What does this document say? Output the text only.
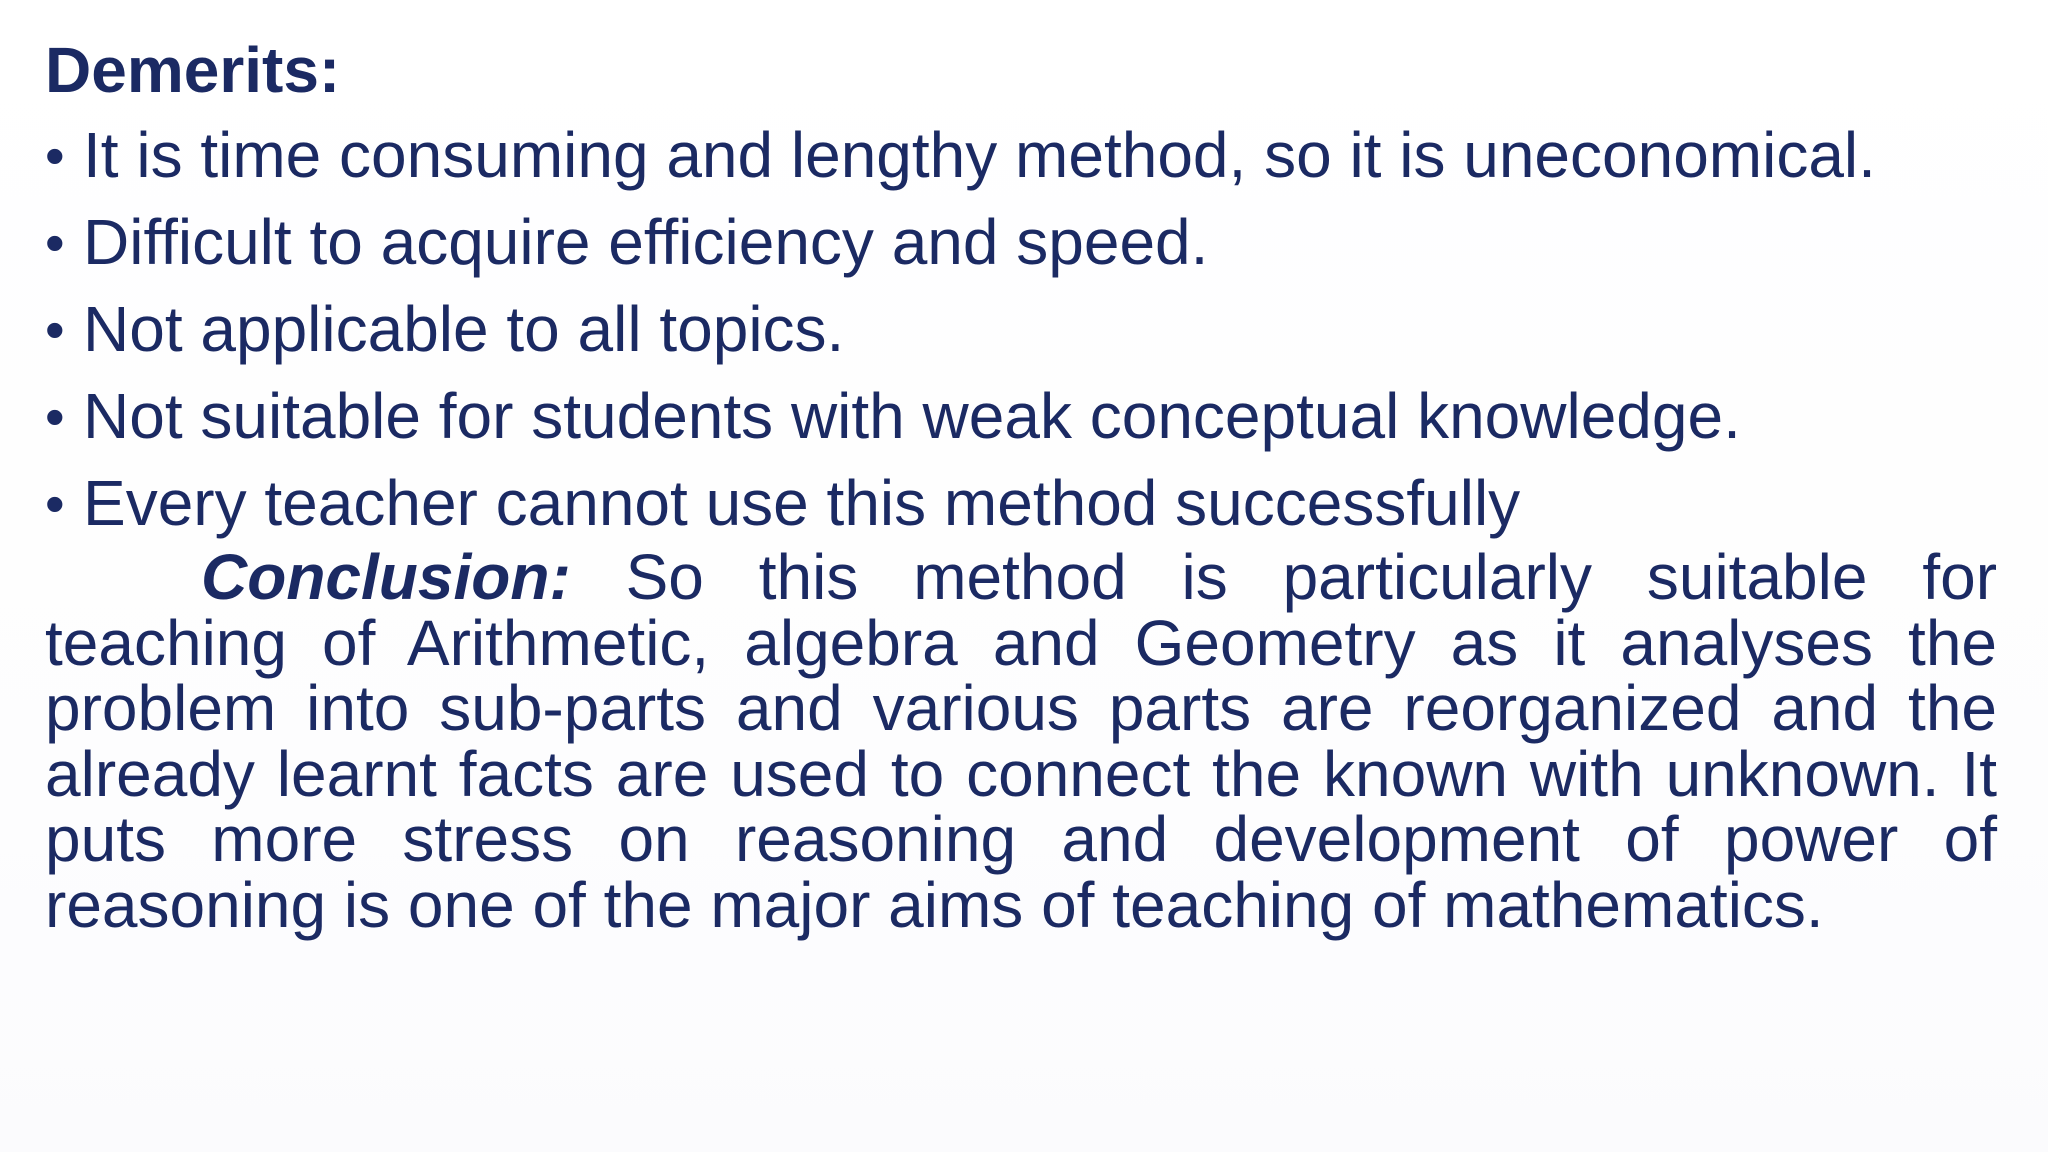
Demerits:
• It is time consuming and lengthy method, so it is uneconomical.
• Difficult to acquire efficiency and speed.
• Not applicable to all topics.
• Not suitable for students with weak conceptual knowledge.
• Every teacher cannot use this method successfully

Conclusion: So this method is particularly suitable for teaching of Arithmetic, algebra and Geometry as it analyses the problem into sub-parts and various parts are reorganized and the already learnt facts are used to connect the known with unknown. It puts more stress on reasoning and development of power of reasoning is one of the major aims of teaching of mathematics.
